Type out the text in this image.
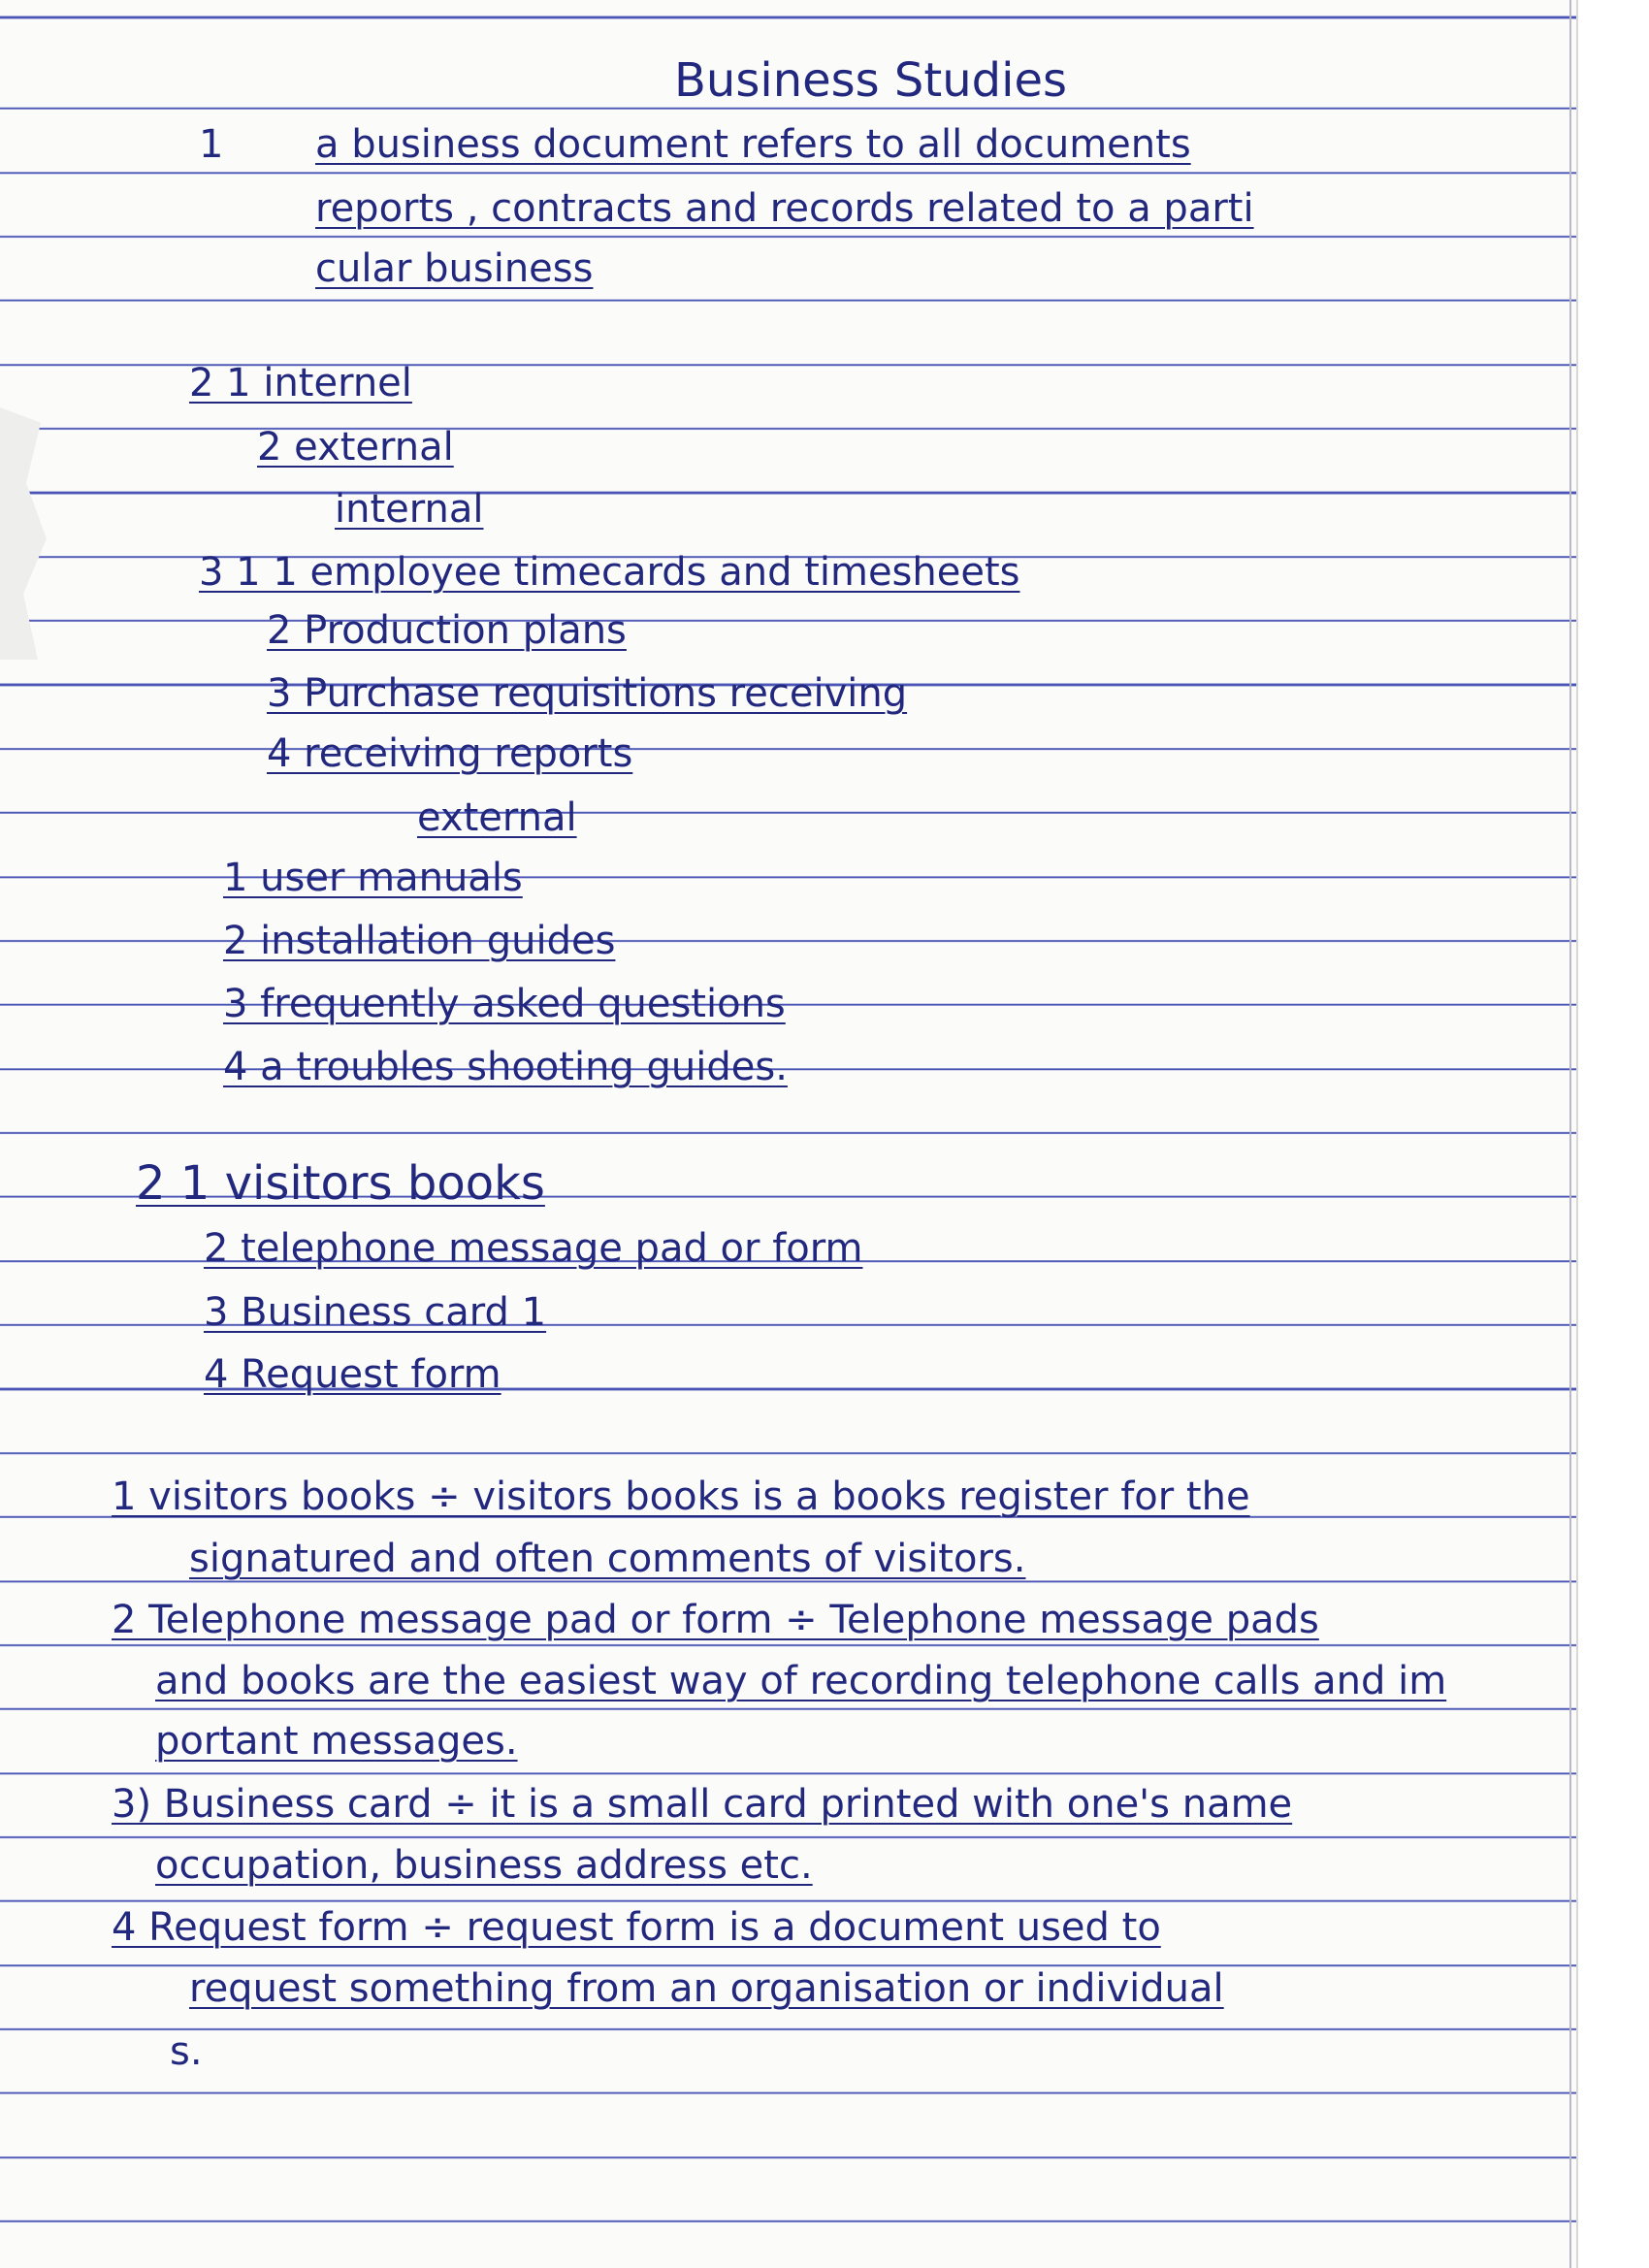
Business Studies

1 a business document refers to all documents

reports , contracts and records related to a parti

cular business

2 1 internel

2 external

internal

3 1 1 employee timecards and timesheets

2 Production plans

3 Purchase requisitions receiving

4 receiving reports

external

1 user manuals

2 installation guides

3 frequently asked questions

4 a troubles shooting guides.

2 1 visitors books

2 telephone message pad or form

3 Business card 1

4 Request form

1 visitors books ÷ visitors books is a books register for the

signatured and often comments of visitors.

2 Telephone message pad or form ÷ Telephone message pads

and books are the easiest way of recording telephone calls and im

portant messages.

3) Business card ÷ it is a small card printed with one's name

occupation, business address etc.

4 Request form ÷ request form is a document used to

request something from an organisation or individual

s.
